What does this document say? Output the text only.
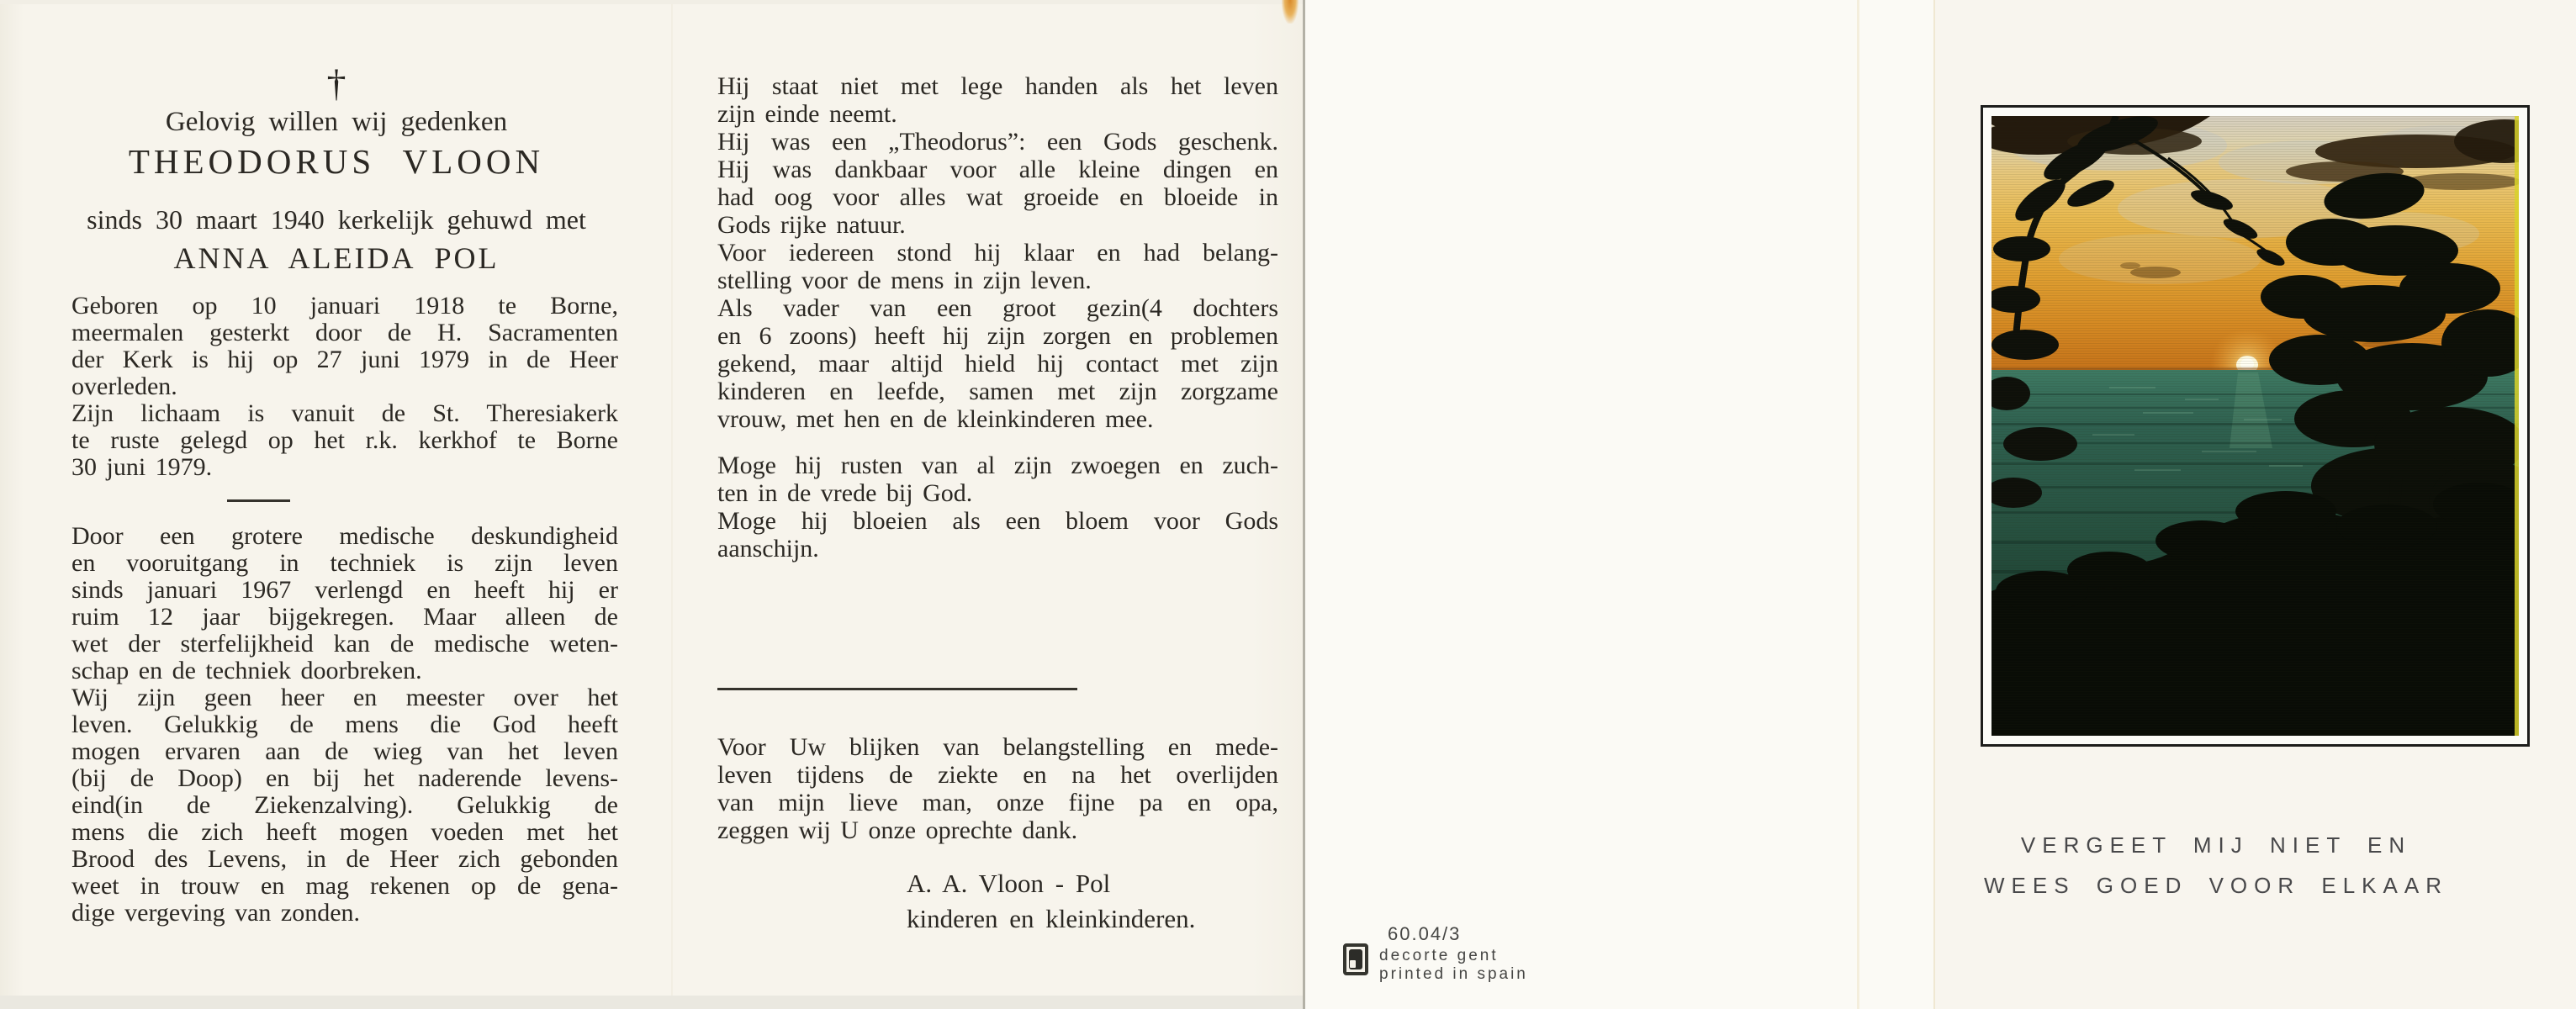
†
Gelovig willen wij gedenken
THEODORUS VLOON
sinds 30 maart 1940 kerkelijk gehuwd met
ANNA ALEIDA POL
Geboren op 10 januari 1918 te Borne,
meermalen gesterkt door de H. Sacramenten
der Kerk is hij op 27 juni 1979 in de Heer
overleden.
Zijn lichaam is vanuit de St. Theresiakerk
te ruste gelegd op het r.k. kerkhof te Borne
30 juni 1979.
Door een grotere medische deskundigheid
en vooruitgang in techniek is zijn leven
sinds januari 1967 verlengd en heeft hij er
ruim 12 jaar bijgekregen. Maar alleen de
wet der sterfelijkheid kan de medische weten-
schap en de techniek doorbreken.
Wij zijn geen heer en meester over het
leven. Gelukkig de mens die God heeft
mogen ervaren aan de wieg van het leven
(bij de Doop) en bij het naderende levens-
eind(in de Ziekenzalving). Gelukkig de
mens die zich heeft mogen voeden met het
Brood des Levens, in de Heer zich gebonden
weet in trouw en mag rekenen op de gena-
dige vergeving van zonden.
Hij staat niet met lege handen als het leven
zijn einde neemt.
Hij was een „Theodorus”: een Gods geschenk.
Hij was dankbaar voor alle kleine dingen en
had oog voor alles wat groeide en bloeide in
Gods rijke natuur.
Voor iedereen stond hij klaar en had belang-
stelling voor de mens in zijn leven.
Als vader van een groot gezin(4 dochters
en 6 zoons) heeft hij zijn zorgen en problemen
gekend, maar altijd hield hij contact met zijn
kinderen en leefde, samen met zijn zorgzame
vrouw, met hen en de kleinkinderen mee.
Moge hij rusten van al zijn zwoegen en zuch-
ten in de vrede bij God.
Moge hij bloeien als een bloem voor Gods
aanschijn.
Voor Uw blijken van belangstelling en mede-
leven tijdens de ziekte en na het overlijden
van mijn lieve man, onze fijne pa en opa,
zeggen wij U onze oprechte dank.
A. A. Vloon - Pol
kinderen en kleinkinderen.
60.04/3
decorte gent
printed in spain
VERGEET MIJ NIET EN
WEES GOED VOOR ELKAAR
